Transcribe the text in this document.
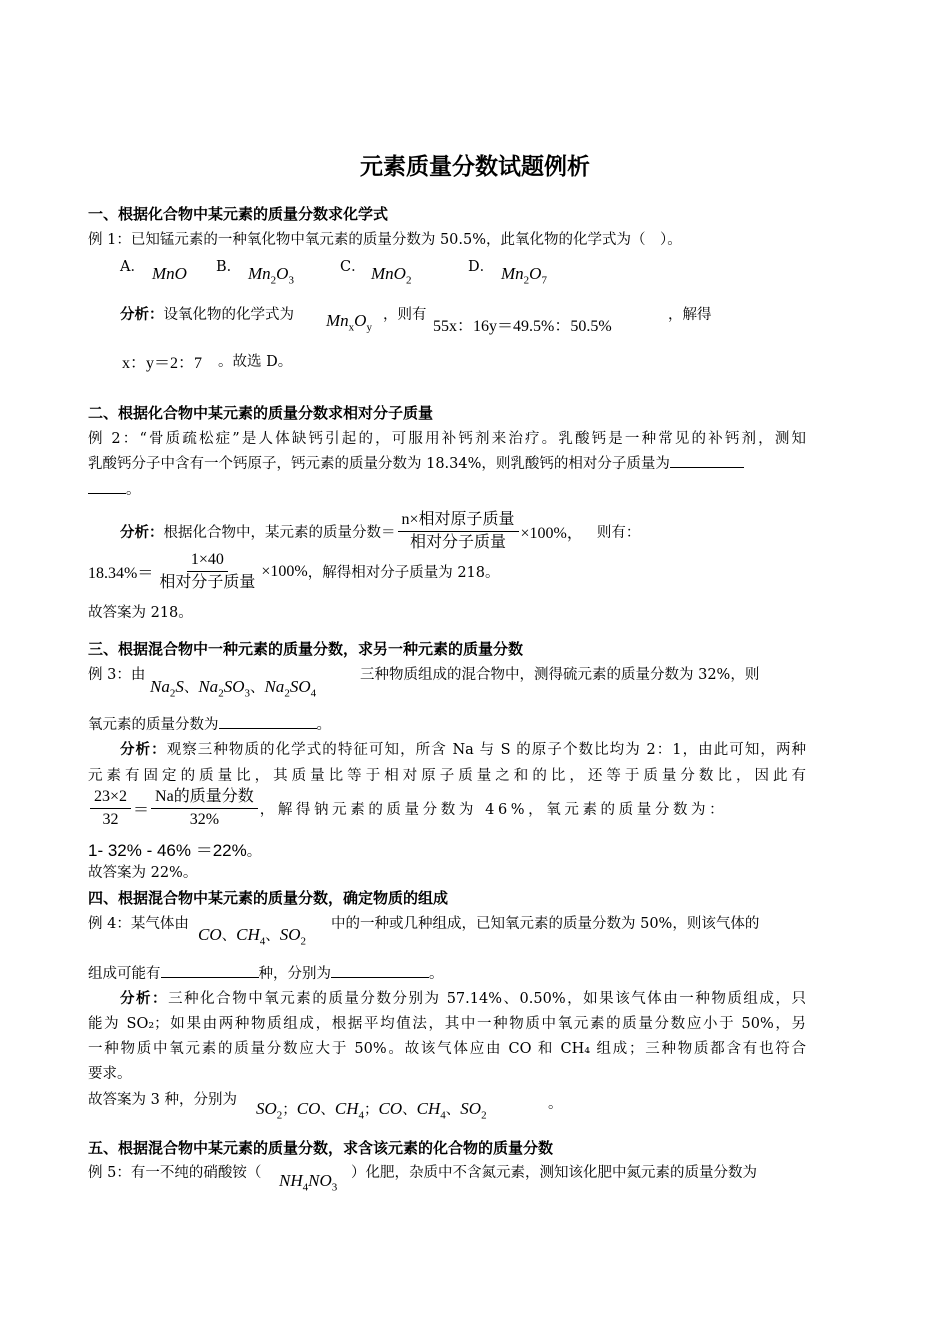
元素质量分数试题例析
一、根据化合物中某元素的质量分数求化学式
例 1：已知锰元素的一种氧化物中氧元素的质量分数为 50.5%，此氧化物的化学式为（　）。
A． MnO B． $Mn_2O_3$
C． MnO$_2$
D． $Mn_2O_7$
分析：设氧化物的化学式为 $Mn_xO_y$
，则有
55x：16y＝49.5%：50.5%
，解得
x：y＝2：7 。故选 D。
二、根据化合物中某元素的质量分数求相对分子质量
例 2：“骨质疏松症”是人体缺钙引起的，可服用补钙剂来治疗。乳酸钙是一种常见的补钙剂，测知
乳酸钙分子中含有一个钙原子，钙元素的质量分数为 18.34%，则乳酸钙的相对分子质量为
。
分析： 根据化合物中，某元素的质量分数＝ $\frac{\text{n×相对原子质量}}{\text{相对分子质量}} \times 100\%$， 则有：
$18.34\%= \frac{1\times 40}{\text{相对分子质量}} \times 100\%$ ，解得相对分子质量为 218。
故答案为 218。
三、根据混合物中一种元素的质量分数，求另一种元素的质量分数
例 3：由
$Na_2S$、$Na_2SO_3$、$Na_2SO_4$
三种物质组成的混合物中，测得硫元素的质量分数为 32%，则
氧元素的质量分数为	。
分析：观察三种物质的化学式的特征可知，所含 Na 与 S 的原子个数比均为 2：1，由此可知，两种
元素有固定的质量比，其质量比等于相对原子质量之和的比，还等于质量分数比，因此有
$\frac{23\times 2}{32} = \frac{\text{Na的质量分数}}{32\%}$ ，解得钠元素的质量分数为 46%，氧元素的质量分数为：
1- 32% - 46% ＝22%。
故答案为 22%。
四、根据混合物中某元素的质量分数，确定物质的组成
例 4：某气体由
CO、$CH_4$、$SO_2$
中的一种或几种组成，已知氧元素的质量分数为 50%，则该气体的
组成可能有	种，分别为	。
分析：三种化合物中氧元素的质量分数分别为 57.14%、0.50%，如果该气体由一种物质组成，只
能为 SO₂；如果由两种物质组成，根据平均值法，其中一种物质中氧元素的质量分数应小于 50%，另
一种物质中氧元素的质量分数应大于 50%。故该气体应由 CO 和 CH₄ 组成；三种物质都含有也符合
要求。
故答案为 3 种，分别为 $SO_2$；CO、$CH_4$；CO、$CH_4$、$SO_2$
。
五、根据混合物中某元素的质量分数，求含该元素的化合物的质量分数
例 5：有一不纯的硝酸铵（ $NH_4NO_3$
）化肥，杂质中不含氮元素，测知该化肥中氮元素的质量分数为
